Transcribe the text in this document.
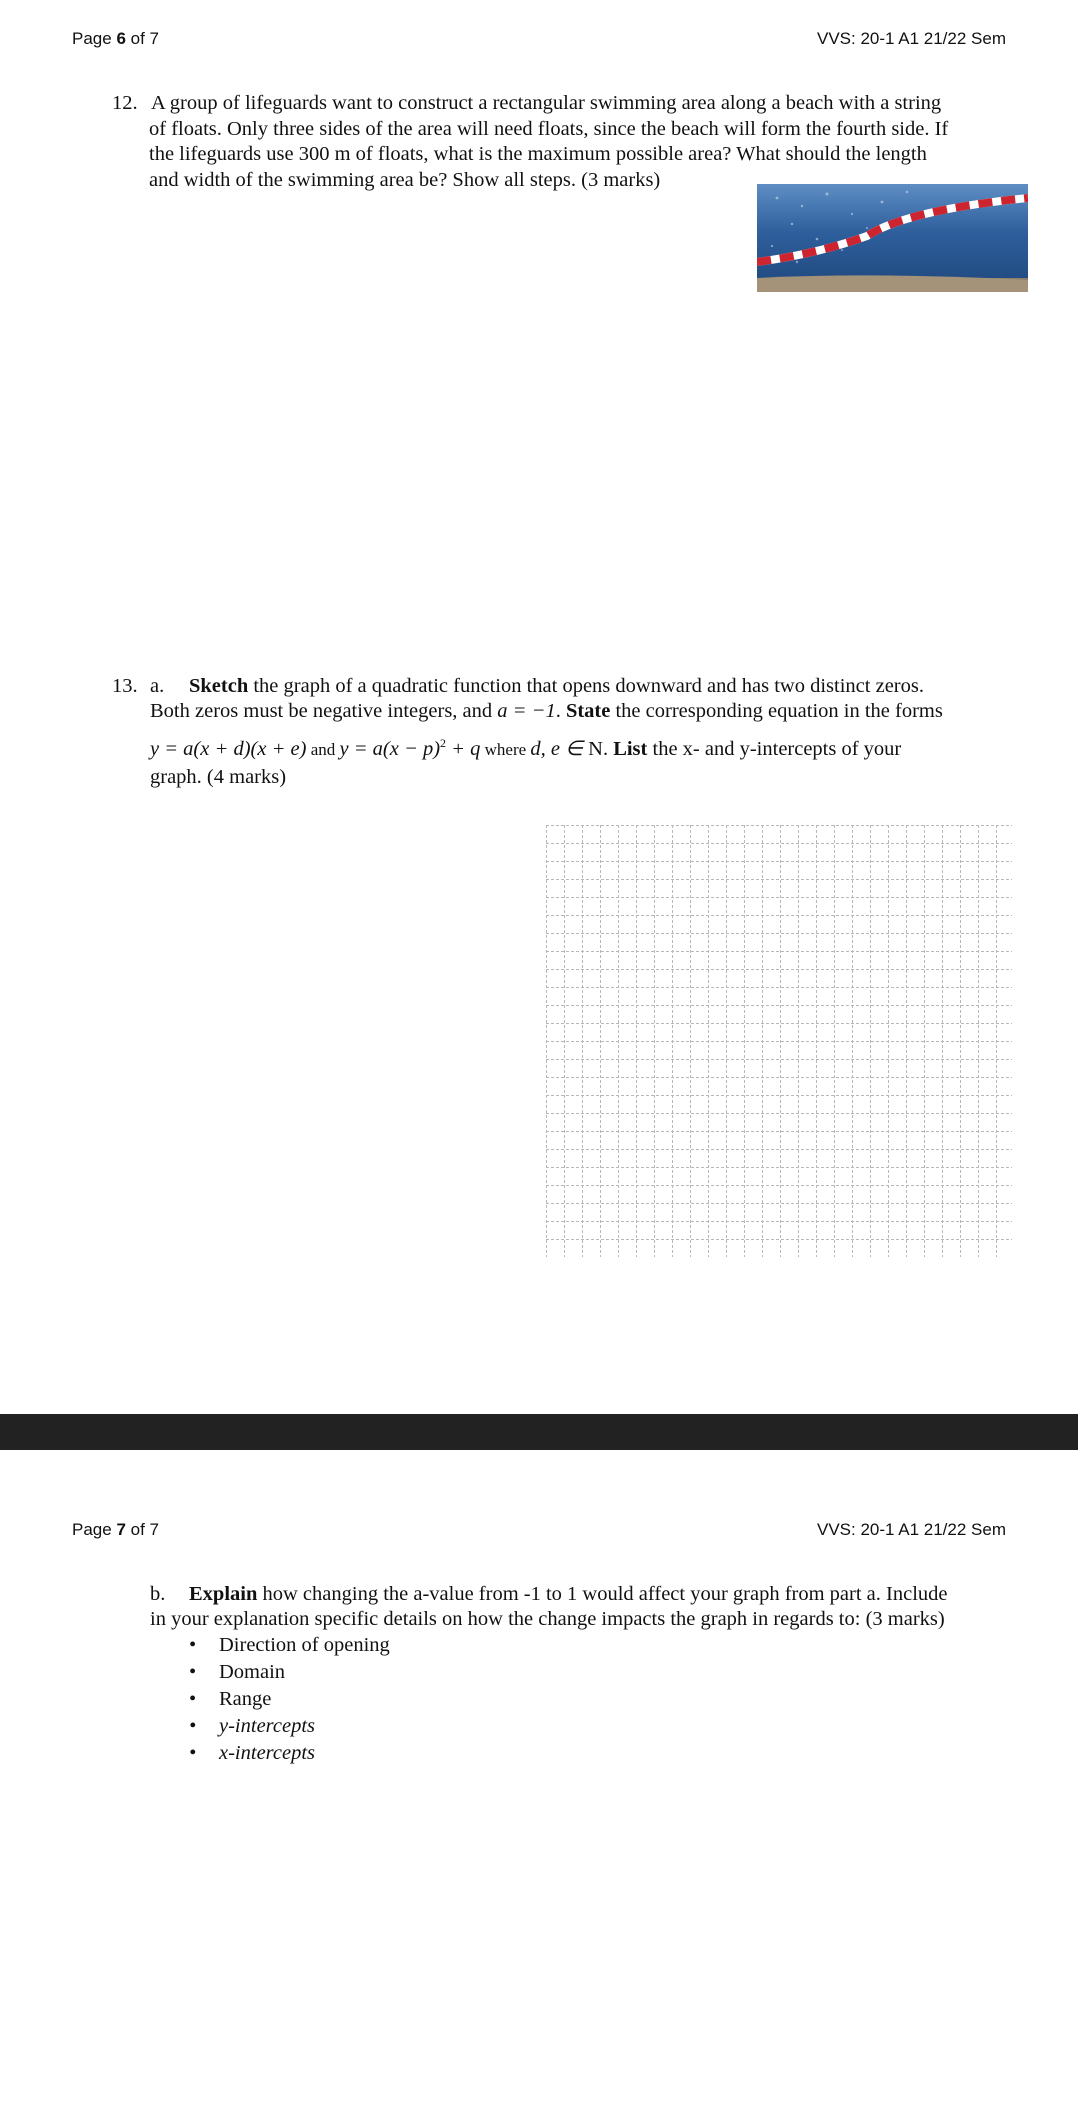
Page 6 of 7	VVS: 20-1 A1 21/22 Sem
12. A group of lifeguards want to construct a rectangular swimming area along a beach with a string
of floats. Only three sides of the area will need floats, since the beach will form the fourth side. If
the lifeguards use 300 m of floats, what is the maximum possible area? What should the length
and width of the swimming area be? Show all steps. (3 marks)
13. a. Sketch the graph of a quadratic function that opens downward and has two distinct zeros.
Both zeros must be negative integers, and a = −1. State the corresponding equation in the forms
y = a(x + d)(x + e) and $y = a(x - p)^2 + q$ where d, e ∈ N. List the x- and y-intercepts of your
graph. (4 marks)
Page 7 of 7	VVS: 20-1 A1 21/22 Sem
b. Explain how changing the a-value from -1 to 1 would affect your graph from part a. Include
in your explanation specific details on how the change impacts the graph in regards to: (3 marks)
• Direction of opening
• Domain
• Range
• y-intercepts
• x-intercepts
